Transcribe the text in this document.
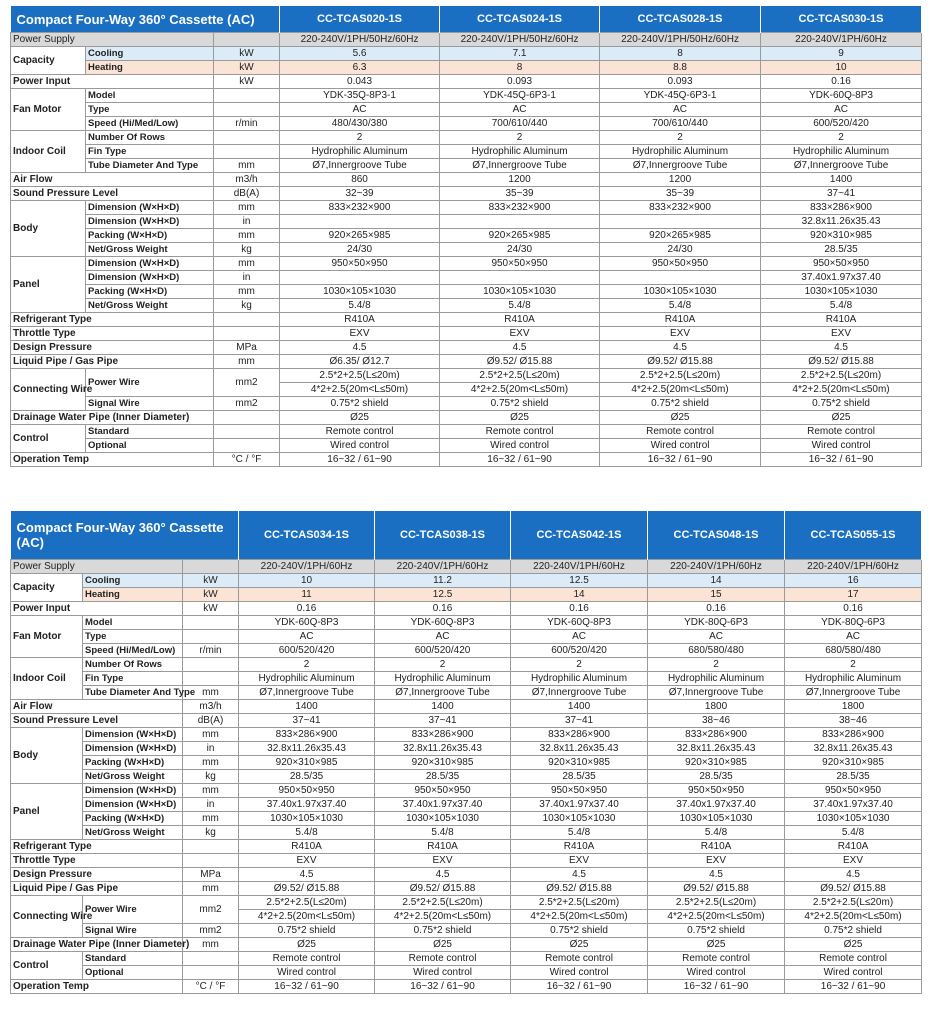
Compact Four-Way 360° Cassette (AC)			CC-TCAS020-1S	CC-TCAS024-1S	CC-TCAS028-1S	CC-TCAS030-1S
Power Supply			220-240V/1PH/50Hz/60Hz	220-240V/1PH/50Hz/60Hz	220-240V/1PH/50Hz/60Hz	220-240V/1PH/60Hz
Capacity	Cooling	kW	5.6	7.1	8	9
	Heating	kW	6.3	8	8.8	10
Power Input		kW	0.043	0.093	0.093	0.16
Fan Motor	Model		YDK-35Q-8P3-1	YDK-45Q-6P3-1	YDK-45Q-6P3-1	YDK-60Q-8P3
	Type		AC	AC	AC	AC
	Speed (Hi/Med/Low)	r/min	480/430/380	700/610/440	700/610/440	600/520/420
Indoor Coil	Number Of Rows		2	2	2	2
	Fin Type		Hydrophilic Aluminum	Hydrophilic Aluminum	Hydrophilic Aluminum	Hydrophilic Aluminum
	Tube Diameter And Type	mm	Ø7,Innergroove Tube	Ø7,Innergroove Tube	Ø7,Innergroove Tube	Ø7,Innergroove Tube
Air Flow		m3/h	860	1200	1200	1400
Sound Pressure Level		dB(A)	32~39	35~39	35~39	37~41
Body	Dimension (W×H×D)	mm	833×232×900	833×232×900	833×232×900	833×286×900
	Dimension (W×H×D)	in				32.8x11.26x35.43
	Packing (W×H×D)	mm	920×265×985	920×265×985	920×265×985	920×310×985
	Net/Gross Weight	kg	24/30	24/30	24/30	28.5/35
Panel	Dimension (W×H×D)	mm	950×50×950	950×50×950	950×50×950	950×50×950
	Dimension (W×H×D)	in				37.40x1.97x37.40
	Packing (W×H×D)	mm	1030×105×1030	1030×105×1030	1030×105×1030	1030×105×1030
	Net/Gross Weight	kg	5.4/8	5.4/8	5.4/8	5.4/8
Refrigerant Type			R410A	R410A	R410A	R410A
Throttle Type			EXV	EXV	EXV	EXV
Design Pressure		MPa	4.5	4.5	4.5	4.5
Liquid Pipe / Gas Pipe		mm	Ø6.35/ Ø12.7	Ø9.52/ Ø15.88	Ø9.52/ Ø15.88	Ø9.52/ Ø15.88
Connecting Wire	Power Wire	mm2	2.5*2+2.5(L≤20m)	2.5*2+2.5(L≤20m)	2.5*2+2.5(L≤20m)	2.5*2+2.5(L≤20m)
			4*2+2.5(20m<L≤50m)	4*2+2.5(20m<L≤50m)	4*2+2.5(20m<L≤50m)	4*2+2.5(20m<L≤50m)
	Signal Wire	mm2	0.75*2 shield	0.75*2 shield	0.75*2 shield	0.75*2 shield
Drainage Water Pipe (Inner Diameter)			Ø25	Ø25	Ø25	Ø25
Control	Standard		Remote control	Remote control	Remote control	Remote control
	Optional		Wired control	Wired control	Wired control	Wired control
Operation Temp		°C / °F	16~32 / 61~90	16~32 / 61~90	16~32 / 61~90	16~32 / 61~90
Compact Four-Way 360° Cassette (AC)			CC-TCAS034-1S	CC-TCAS038-1S	CC-TCAS042-1S	CC-TCAS048-1S	CC-TCAS055-1S
Power Supply			220-240V/1PH/60Hz	220-240V/1PH/60Hz	220-240V/1PH/60Hz	220-240V/1PH/60Hz	220-240V/1PH/60Hz
Capacity	Cooling	kW	10	11.2	12.5	14	16
	Heating	kW	11	12.5	14	15	17
Power Input		kW	0.16	0.16	0.16	0.16	0.16
Fan Motor	Model		YDK-60Q-8P3	YDK-60Q-8P3	YDK-60Q-8P3	YDK-80Q-6P3	YDK-80Q-6P3
	Type		AC	AC	AC	AC	AC
	Speed (Hi/Med/Low)	r/min	600/520/420	600/520/420	600/520/420	680/580/480	680/580/480
Indoor Coil	Number Of Rows		2	2	2	2	2
	Fin Type		Hydrophilic Aluminum	Hydrophilic Aluminum	Hydrophilic Aluminum	Hydrophilic Aluminum	Hydrophilic Aluminum
	Tube Diameter And Type	mm	Ø7,Innergroove Tube	Ø7,Innergroove Tube	Ø7,Innergroove Tube	Ø7,Innergroove Tube	Ø7,Innergroove Tube
Air Flow		m3/h	1400	1400	1400	1800	1800
Sound Pressure Level		dB(A)	37~41	37~41	37~41	38~46	38~46
Body	Dimension (W×H×D)	mm	833×286×900	833×286×900	833×286×900	833×286×900	833×286×900
	Dimension (W×H×D)	in	32.8x11.26x35.43	32.8x11.26x35.43	32.8x11.26x35.43	32.8x11.26x35.43	32.8x11.26x35.43
	Packing (W×H×D)	mm	920×310×985	920×310×985	920×310×985	920×310×985	920×310×985
	Net/Gross Weight	kg	28.5/35	28.5/35	28.5/35	28.5/35	28.5/35
Panel	Dimension (W×H×D)	mm	950×50×950	950×50×950	950×50×950	950×50×950	950×50×950
	Dimension (W×H×D)	in	37.40x1.97x37.40	37.40x1.97x37.40	37.40x1.97x37.40	37.40x1.97x37.40	37.40x1.97x37.40
	Packing (W×H×D)	mm	1030×105×1030	1030×105×1030	1030×105×1030	1030×105×1030	1030×105×1030
	Net/Gross Weight	kg	5.4/8	5.4/8	5.4/8	5.4/8	5.4/8
Refrigerant Type			R410A	R410A	R410A	R410A	R410A
Throttle Type			EXV	EXV	EXV	EXV	EXV
Design Pressure		MPa	4.5	4.5	4.5	4.5	4.5
Liquid Pipe / Gas Pipe		mm	Ø9.52/ Ø15.88	Ø9.52/ Ø15.88	Ø9.52/ Ø15.88	Ø9.52/ Ø15.88	Ø9.52/ Ø15.88
Connecting Wire	Power Wire	mm2	2.5*2+2.5(L≤20m)	2.5*2+2.5(L≤20m)	2.5*2+2.5(L≤20m)	2.5*2+2.5(L≤20m)	2.5*2+2.5(L≤20m)
			4*2+2.5(20m<L≤50m)	4*2+2.5(20m<L≤50m)	4*2+2.5(20m<L≤50m)	4*2+2.5(20m<L≤50m)	4*2+2.5(20m<L≤50m)
	Signal Wire	mm2	0.75*2 shield	0.75*2 shield	0.75*2 shield	0.75*2 shield	0.75*2 shield
Drainage Water Pipe (Inner Diameter)		mm	Ø25	Ø25	Ø25	Ø25	Ø25
Control	Standard		Remote control	Remote control	Remote control	Remote control	Remote control
	Optional		Wired control	Wired control	Wired control	Wired control	Wired control
Operation Temp		°C / °F	16~32 / 61~90	16~32 / 61~90	16~32 / 61~90	16~32 / 61~90	16~32 / 61~90
